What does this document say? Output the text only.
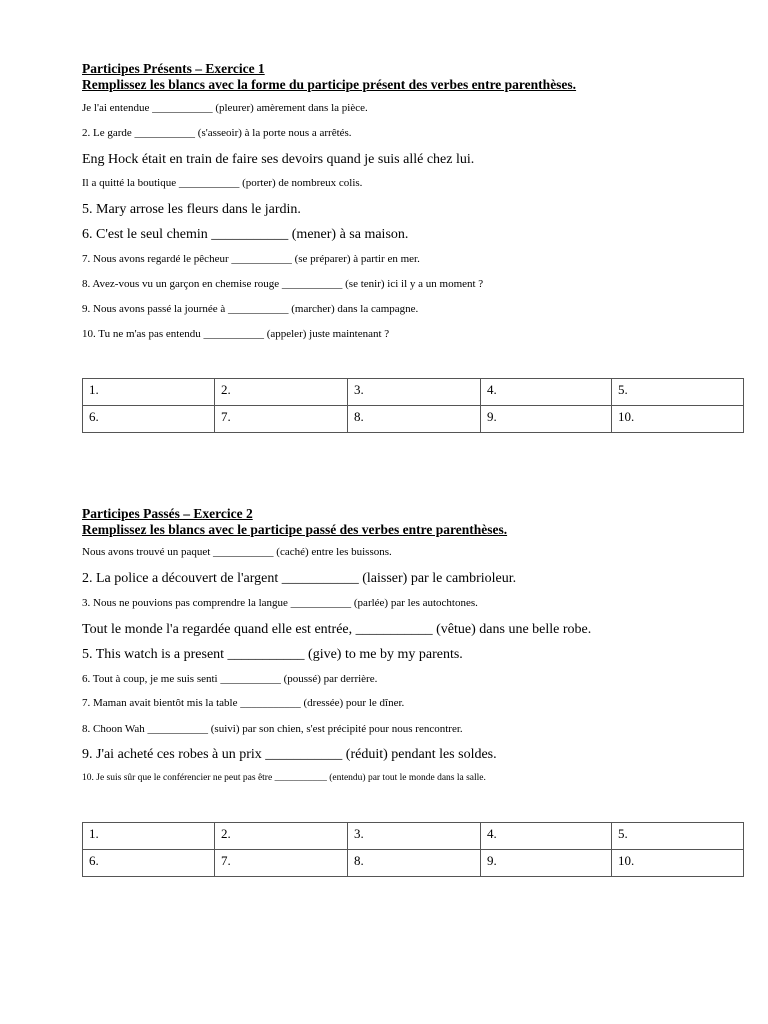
Participes Présents – Exercice 1
Remplissez les blancs avec la forme du participe présent des verbes entre parenthèses.
Je l'ai entendue ___________ (pleurer) amèrement dans la pièce.
2. Le garde ___________ (s'asseoir) à la porte nous a arrêtés.
Eng Hock était en train de faire ses devoirs quand je suis allé chez lui.
Il a quitté la boutique ___________ (porter) de nombreux colis.
5. Mary arrose les fleurs dans le jardin.
6. C'est le seul chemin ___________ (mener) à sa maison.
7. Nous avons regardé le pêcheur ___________ (se préparer) à partir en mer.
8. Avez-vous vu un garçon en chemise rouge ___________ (se tenir) ici il y a un moment ?
9. Nous avons passé la journée à ___________ (marcher) dans la campagne.
10. Tu ne m'as pas entendu ___________ (appeler) juste maintenant ?
1.	2.	3.	4.	5.
6.	7.	8.	9.	10.
Participes Passés – Exercice 2
Remplissez les blancs avec le participe passé des verbes entre parenthèses.
Nous avons trouvé un paquet ___________ (caché) entre les buissons.
2. La police a découvert de l'argent ___________ (laisser) par le cambrioleur.
3. Nous ne pouvions pas comprendre la langue ___________ (parlée) par les autochtones.
Tout le monde l'a regardée quand elle est entrée, ___________ (vêtue) dans une belle robe.
5. This watch is a present ___________ (give) to me by my parents.
6. Tout à coup, je me suis senti ___________ (poussé) par derrière.
7. Maman avait bientôt mis la table ___________ (dressée) pour le dîner.
8. Choon Wah ___________ (suivi) par son chien, s'est précipité pour nous rencontrer.
9. J'ai acheté ces robes à un prix ___________ (réduit) pendant les soldes.
10. Je suis sûr que le conférencier ne peut pas être ___________ (entendu) par tout le monde dans la salle.
1.	2.	3.	4.	5.
6.	7.	8.	9.	10.
